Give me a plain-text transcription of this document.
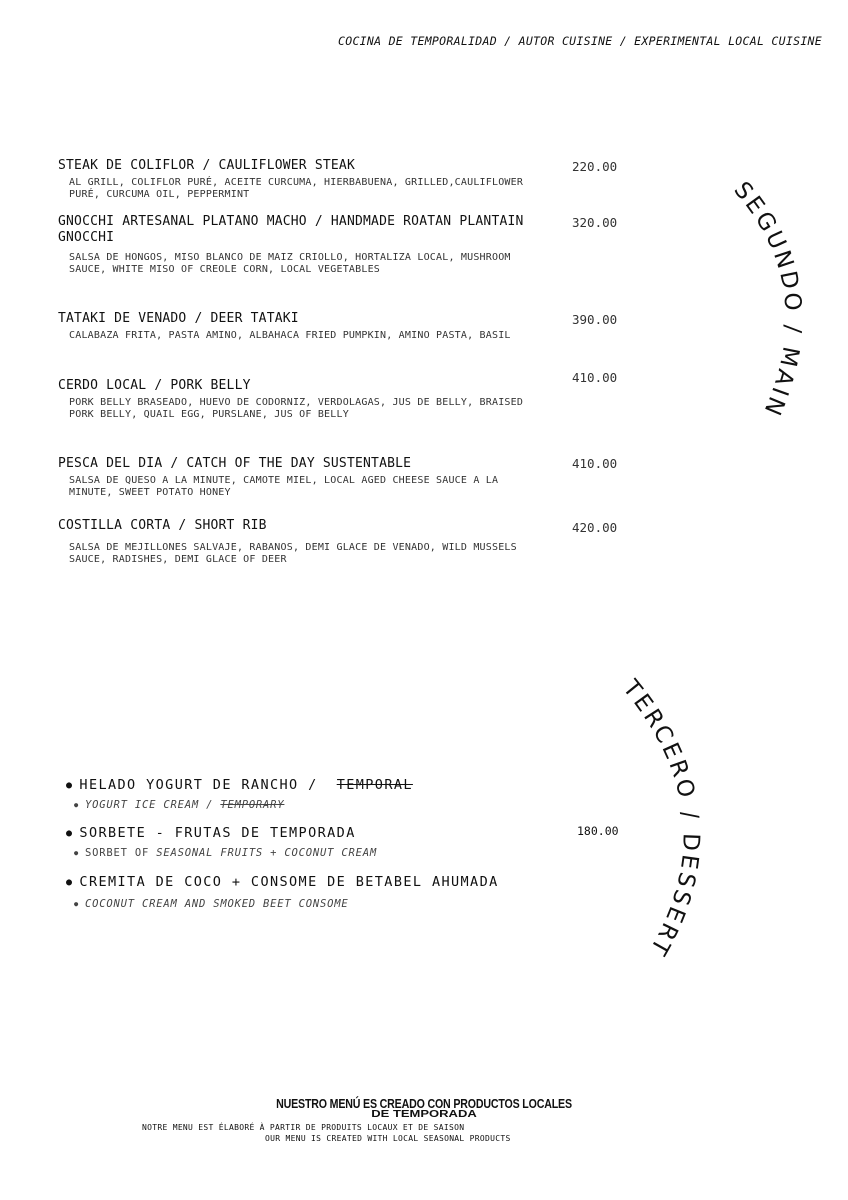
COCINA DE TEMPORALIDAD / AUTOR CUISINE / EXPERIMENTAL LOCAL CUISINE
STEAK DE COLIFLOR / CAULIFLOWER STEAK
AL GRILL, COLIFLOR PURÉ, ACEITE CURCUMA, HIERBABUENA, GRILLED,CAULIFLOWER PURÉ, CURCUMA OIL, PEPPERMINT
220.00
GNOCCHI ARTESANAL PLATANO MACHO / HANDMADE ROATAN PLANTAIN GNOCCHI
SALSA DE HONGOS, MISO BLANCO DE MAIZ CRIOLLO, HORTALIZA LOCAL, MUSHROOM SAUCE, WHITE MISO OF CREOLE CORN, LOCAL VEGETABLES
320.00
TATAKI DE VENADO / DEER TATAKI
CALABAZA FRITA, PASTA AMINO, ALBAHACA FRIED PUMPKIN, AMINO PASTA, BASIL
390.00
CERDO LOCAL / PORK BELLY
PORK BELLY BRASEADO, HUEVO DE CODORNIZ, VERDOLAGAS, JUS DE BELLY, BRAISED PORK BELLY, QUAIL EGG, PURSLANE, JUS OF BELLY
410.00
PESCA DEL DIA / CATCH OF THE DAY SUSTENTABLE
SALSA DE QUESO A LA MINUTE, CAMOTE MIEL, LOCAL AGED CHEESE SAUCE A LA MINUTE, SWEET POTATO HONEY
410.00
COSTILLA CORTA / SHORT RIB
SALSA DE MEJILLONES SALVAJE, RABANOS, DEMI GLACE DE VENADO, WILD MUSSELS SAUCE, RADISHES, DEMI GLACE OF DEER
420.00
SEGUNDO / MAIN
TERCERO / DESSERT
● HELADO YOGURT DE RANCHO / TEMPORAL
● YOGURT ICE CREAM / TEMPORARY
● SORBETE - FRUTAS DE TEMPORADA
● SORBET OF SEASONAL FRUITS + COCONUT CREAM
180.00
● CREMITA DE COCO + CONSOME DE BETABEL AHUMADA
● COCONUT CREAM AND SMOKED BEET CONSOME
NUESTRO MENÚ ES CREADO CON PRODUCTOS LOCALES
DE TEMPORADA
NOTRE MENU EST ÉLABORÉ À PARTIR DE PRODUITS LOCAUX ET DE SAISON
OUR MENU IS CREATED WITH LOCAL SEASONAL PRODUCTS
